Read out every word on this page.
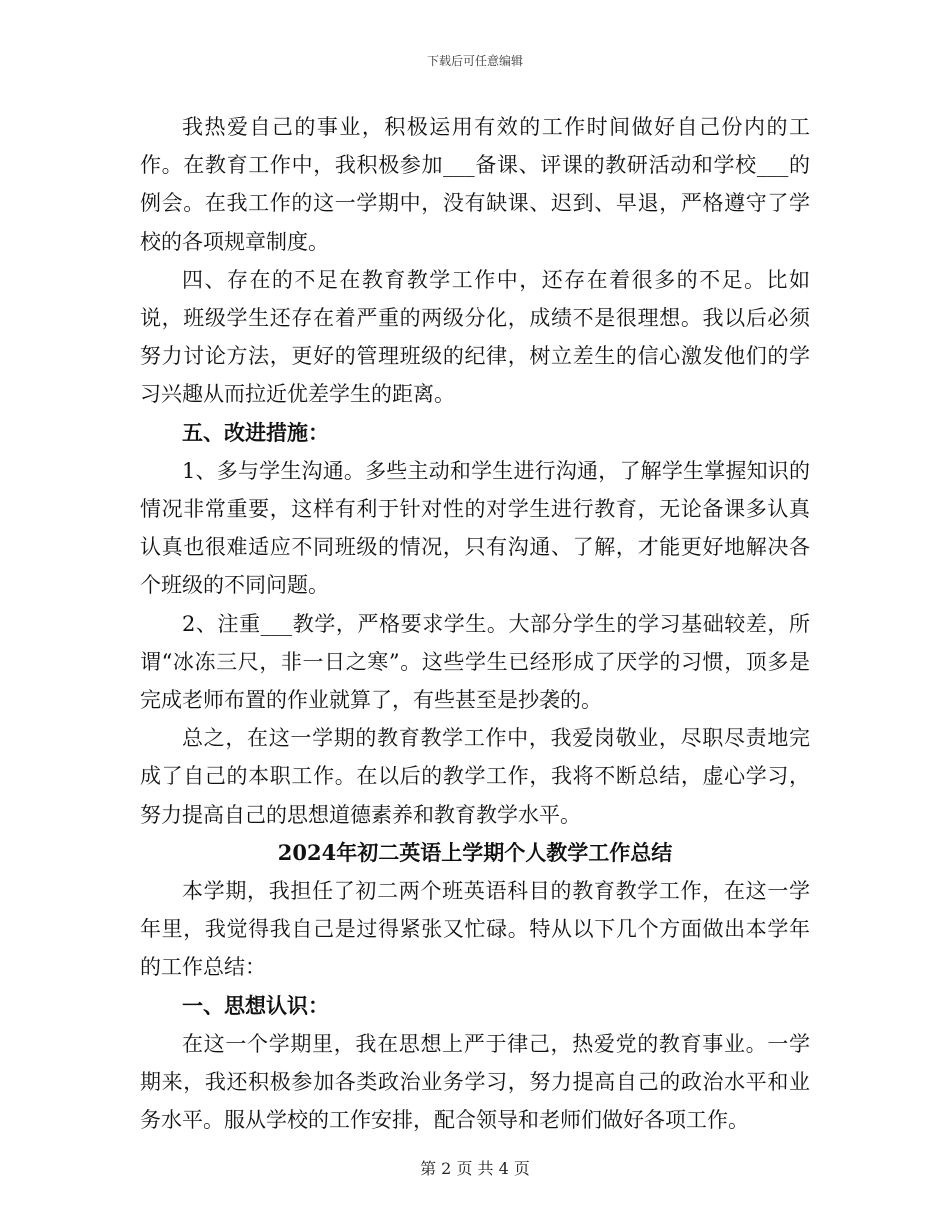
下载后可任意编辑

我热爱自己的事业，积极运用有效的工作时间做好自己份内的工作。在教育工作中，我积极参加___备课、评课的教研活动和学校___的例会。在我工作的这一学期中，没有缺课、迟到、早退，严格遵守了学校的各项规章制度。

四、存在的不足在教育教学工作中，还存在着很多的不足。比如说，班级学生还存在着严重的两级分化，成绩不是很理想。我以后必须努力讨论方法，更好的管理班级的纪律，树立差生的信心激发他们的学习兴趣从而拉近优差学生的距离。

五、改进措施：

1、多与学生沟通。多些主动和学生进行沟通，了解学生掌握知识的情况非常重要，这样有利于针对性的对学生进行教育，无论备课多认真认真也很难适应不同班级的情况，只有沟通、了解，才能更好地解决各个班级的不同问题。

2、注重___教学，严格要求学生。大部分学生的学习基础较差，所谓“冰冻三尺，非一日之寒”。这些学生已经形成了厌学的习惯，顶多是完成老师布置的作业就算了，有些甚至是抄袭的。

总之，在这一学期的教育教学工作中，我爱岗敬业，尽职尽责地完成了自己的本职工作。在以后的教学工作，我将不断总结，虚心学习，努力提高自己的思想道德素养和教育教学水平。

2024年初二英语上学期个人教学工作总结

本学期，我担任了初二两个班英语科目的教育教学工作，在这一学年里，我觉得我自己是过得紧张又忙碌。特从以下几个方面做出本学年的工作总结：

一、思想认识：

在这一个学期里，我在思想上严于律己，热爱党的教育事业。一学期来，我还积极参加各类政治业务学习，努力提高自己的政治水平和业务水平。服从学校的工作安排，配合领导和老师们做好各项工作。

第 2 页 共 4 页
